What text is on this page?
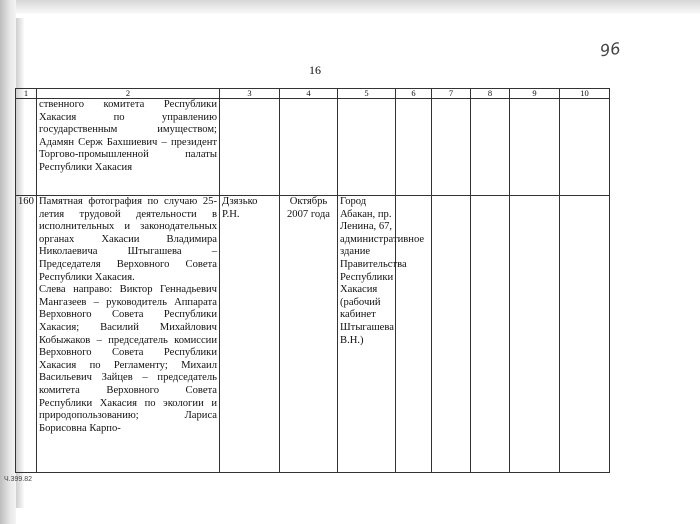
16
96
Ч.399.82
1	2	3	4	5	6	7	8	9	10
	ственного комитета Республики Хакасия по управлению государственным имуществом; Адамян Серж Бахшиевич – президент Торгово-промышленной палаты Республики Хакасия								
160	Памятная фотография по случаю 25-летия трудовой деятельности в исполнительных и законодательных органах Хакасии Владимира Николаевича Штыгашева – Председателя Верховного Совета Республики Хакасия.
Слева направо: Виктор Геннадьевич Мангазеев – руководитель Аппарата Верховного Совета Республики Хакасия; Василий Михайлович Кобыжаков – председатель комиссии Верховного Совета Республики Хакасия по Регламенту; Михаил Васильевич Зайцев – председатель комитета Верховного Совета Республики Хакасия по экологии и природопользованию; Лариса Борисовна Карпо-	Дзязько Р.Н.	Октябрь 2007 года	Город Абакан, пр. Ленина, 67, административное здание Правительства Республики Хакасия (рабочий кабинет Штыгашева В.Н.)					
